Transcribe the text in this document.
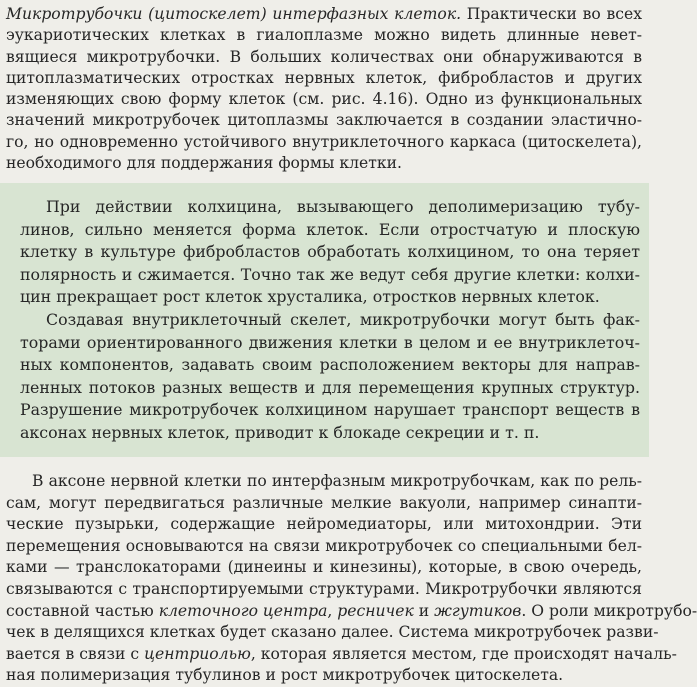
Микротрубочки (цитоскелет) интерфазных клеток. Практически во всех
эукариотических клетках в гиалоплазме можно видеть длинные невет-
вящиеся микротрубочки. В больших количествах они обнаруживаются в
цитоплазматических отростках нервных клеток, фибробластов и других
изменяющих свою форму клеток (см. рис. 4.16). Одно из функциональных
значений микротрубочек цитоплазмы заключается в создании эластично-
го, но одновременно устойчивого внутриклеточного каркаса (цитоскелета),
необходимого для поддержания формы клетки.

При действии колхицина, вызывающего деполимеризацию тубу-
линов, сильно меняется форма клеток. Если отростчатую и плоскую
клетку в культуре фибробластов обработать колхицином, то она теряет
полярность и сжимается. Точно так же ведут себя другие клетки: колхи-
цин прекращает рост клеток хрусталика, отростков нервных клеток.

Создавая внутриклеточный скелет, микротрубочки могут быть фак-
торами ориентированного движения клетки в целом и ее внутриклеточ-
ных компонентов, задавать своим расположением векторы для направ-
ленных потоков разных веществ и для перемещения крупных структур.
Разрушение микротрубочек колхицином нарушает транспорт веществ в
аксонах нервных клеток, приводит к блокаде секреции и т. п.

В аксоне нервной клетки по интерфазным микротрубочкам, как по рель-
сам, могут передвигаться различные мелкие вакуоли, например синапти-
ческие пузырьки, содержащие нейромедиаторы, или митохондрии. Эти
перемещения основываются на связи микротрубочек со специальными бел-
ками — транслокаторами (динеины и кинезины), которые, в свою очередь,
связываются с транспортируемыми структурами. Микротрубочки являются
составной частью клеточного центра, ресничек и жгутиков. О роли микротрубо-
чек в делящихся клетках будет сказано далее. Система микротрубочек разви-
вается в связи с центриолью, которая является местом, где происходят началь-
ная полимеризация тубулинов и рост микротрубочек цитоскелета.
